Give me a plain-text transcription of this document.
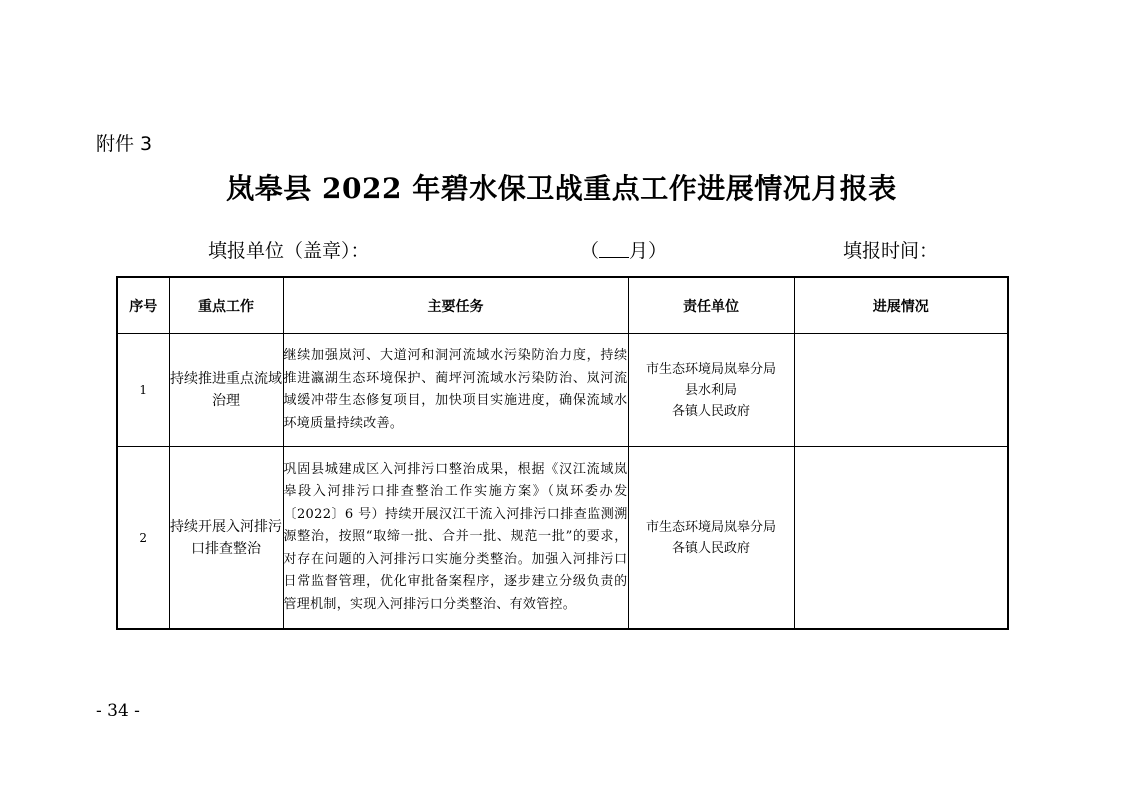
附件 3
岚皋县 2022 年碧水保卫战重点工作进展情况月报表
填报单位（盖章）：	（ 月）	填报时间：
序号	重点工作	主要任务	责任单位	进展情况
1	持续推进重点流域治理	继续加强岚河、大道河和洞河流域水污染防治力度，持续推进瀛湖生态环境保护、蔺坪河流域水污染防治、岚河流域缓冲带生态修复项目，加快项目实施进度，确保流域水环境质量持续改善。	市生态环境局岚皋分局
县水利局
各镇人民政府	

2	持续开展入河排污口排查整治	巩固县城建成区入河排污口整治成果，根据《汉江流域岚皋段入河排污口排查整治工作实施方案》（岚环委办发〔2022〕6 号）持续开展汉江干流入河排污口排查监测溯源整治，按照“取缔一批、合并一批、规范一批”的要求，对存在问题的入河排污口实施分类整治。加强入河排污口日常监督管理，优化审批备案程序，逐步建立分级负责的管理机制，实现入河排污口分类整治、有效管控。	市生态环境局岚皋分局
各镇人民政府	

- 34 -
